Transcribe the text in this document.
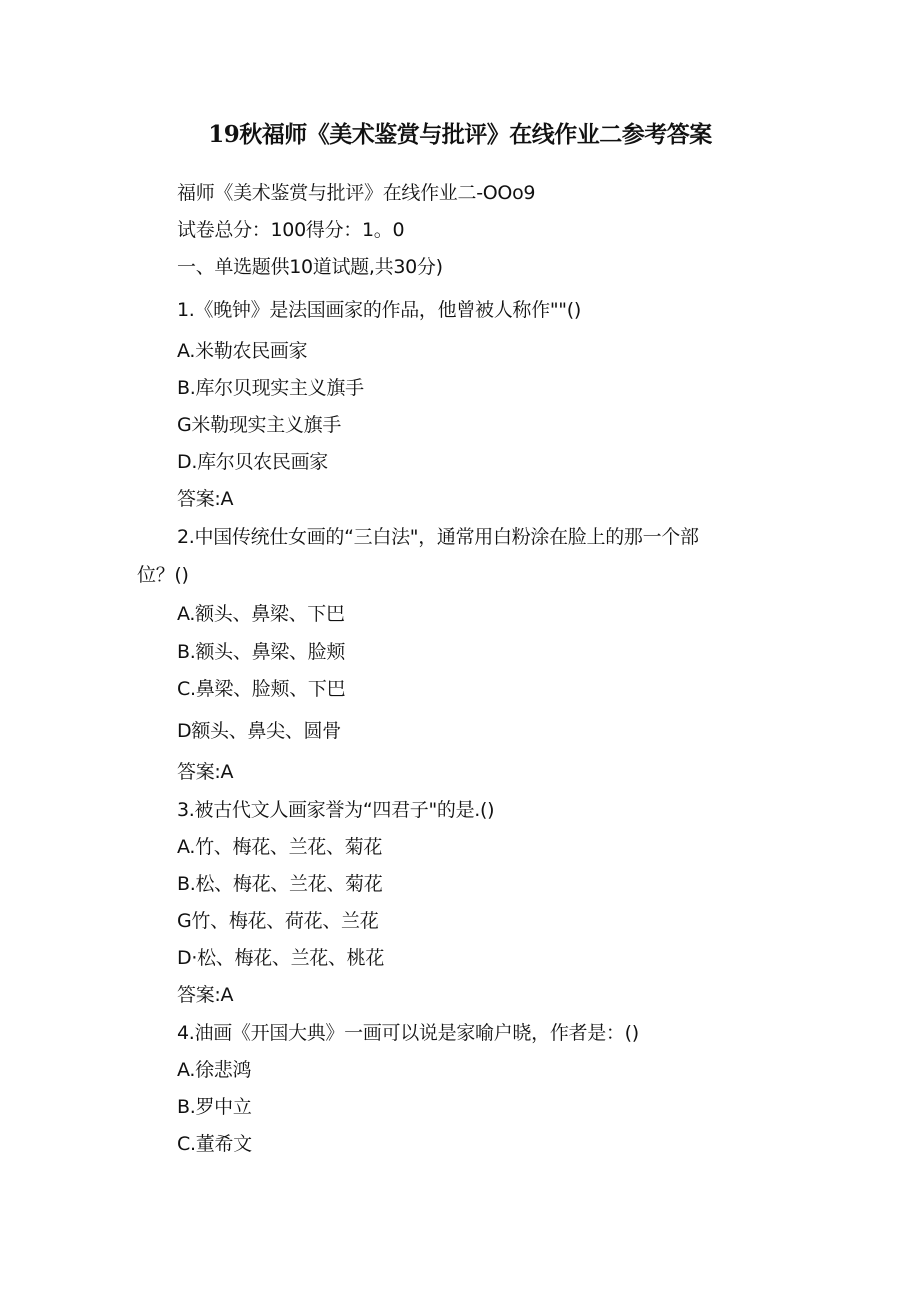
19秋福师《美术鉴赏与批评》在线作业二参考答案
福师《美术鉴赏与批评》在线作业二-OOo9
试卷总分：100得分：1。0
一、单选题供10道试题,共30分)
1.《晚钟》是法国画家的作品，他曾被人称作""()
A.米勒农民画家
B.库尔贝现实主义旗手
G米勒现实主义旗手
D.库尔贝农民画家
答案:A
2.中国传统仕女画的“三白法"，通常用白粉涂在脸上的那一个部
位？()
A.额头、鼻梁、下巴
B.额头、鼻梁、脸颊
C.鼻梁、脸颊、下巴
D额头、鼻尖、圆骨
答案:A
3.被古代文人画家誉为“四君子"的是.()
A.竹、梅花、兰花、菊花
B.松、梅花、兰花、菊花
G竹、梅花、荷花、兰花
D·松、梅花、兰花、桃花
答案:A
4.油画《开国大典》一画可以说是家喻户晓，作者是：()
A.徐悲鸿
B.罗中立
C.董希文
